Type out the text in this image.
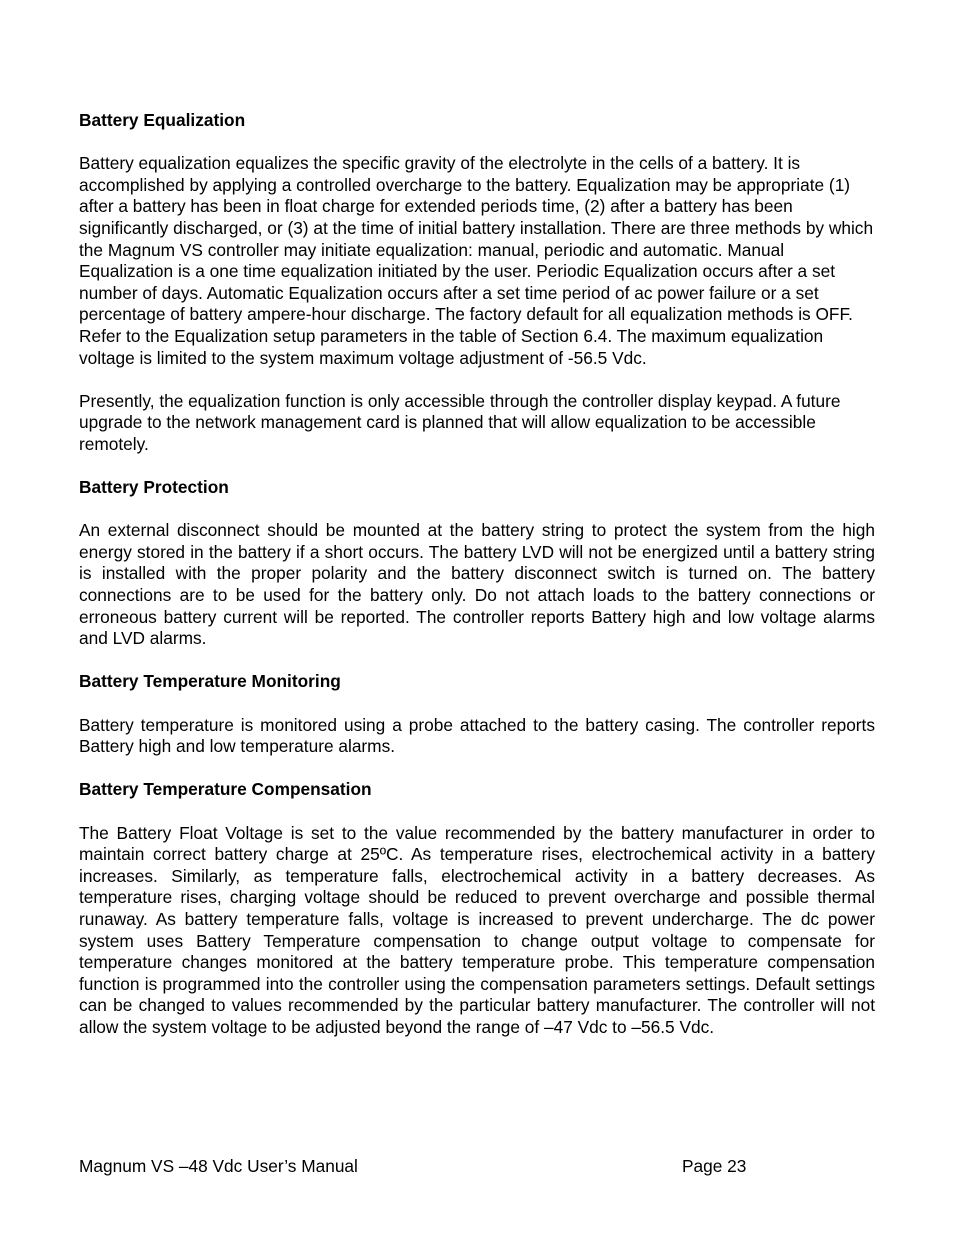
Battery Equalization

Battery equalization equalizes the specific gravity of the electrolyte in the cells of a battery. It is accomplished by applying a controlled overcharge to the battery. Equalization may be appropriate (1) after a battery has been in float charge for extended periods time, (2) after a battery has been significantly discharged, or (3) at the time of initial battery installation. There are three methods by which the Magnum VS controller may initiate equalization: manual, periodic and automatic. Manual Equalization is a one time equalization initiated by the user. Periodic Equalization occurs after a set number of days. Automatic Equalization occurs after a set time period of ac power failure or a set percentage of battery ampere-hour discharge. The factory default for all equalization methods is OFF. Refer to the Equalization setup parameters in the table of Section 6.4. The maximum equalization voltage is limited to the system maximum voltage adjustment of -56.5 Vdc.

Presently, the equalization function is only accessible through the controller display keypad. A future upgrade to the network management card is planned that will allow equalization to be accessible remotely.

Battery Protection

An external disconnect should be mounted at the battery string to protect the system from the high energy stored in the battery if a short occurs. The battery LVD will not be energized until a battery string is installed with the proper polarity and the battery disconnect switch is turned on. The battery connections are to be used for the battery only. Do not attach loads to the battery connections or erroneous battery current will be reported. The controller reports Battery high and low voltage alarms and LVD alarms.

Battery Temperature Monitoring

Battery temperature is monitored using a probe attached to the battery casing. The controller reports Battery high and low temperature alarms.

Battery Temperature Compensation

The Battery Float Voltage is set to the value recommended by the battery manufacturer in order to maintain correct battery charge at 25ºC. As temperature rises, electrochemical activity in a battery increases. Similarly, as temperature falls, electrochemical activity in a battery decreases. As temperature rises, charging voltage should be reduced to prevent overcharge and possible thermal runaway. As battery temperature falls, voltage is increased to prevent undercharge. The dc power system uses Battery Temperature compensation to change output voltage to compensate for temperature changes monitored at the battery temperature probe. This temperature compensation function is programmed into the controller using the compensation parameters settings. Default settings can be changed to values recommended by the particular battery manufacturer. The controller will not allow the system voltage to be adjusted beyond the range of –47 Vdc to –56.5 Vdc.

Magnum VS –48 Vdc User’s Manual	Page 23
